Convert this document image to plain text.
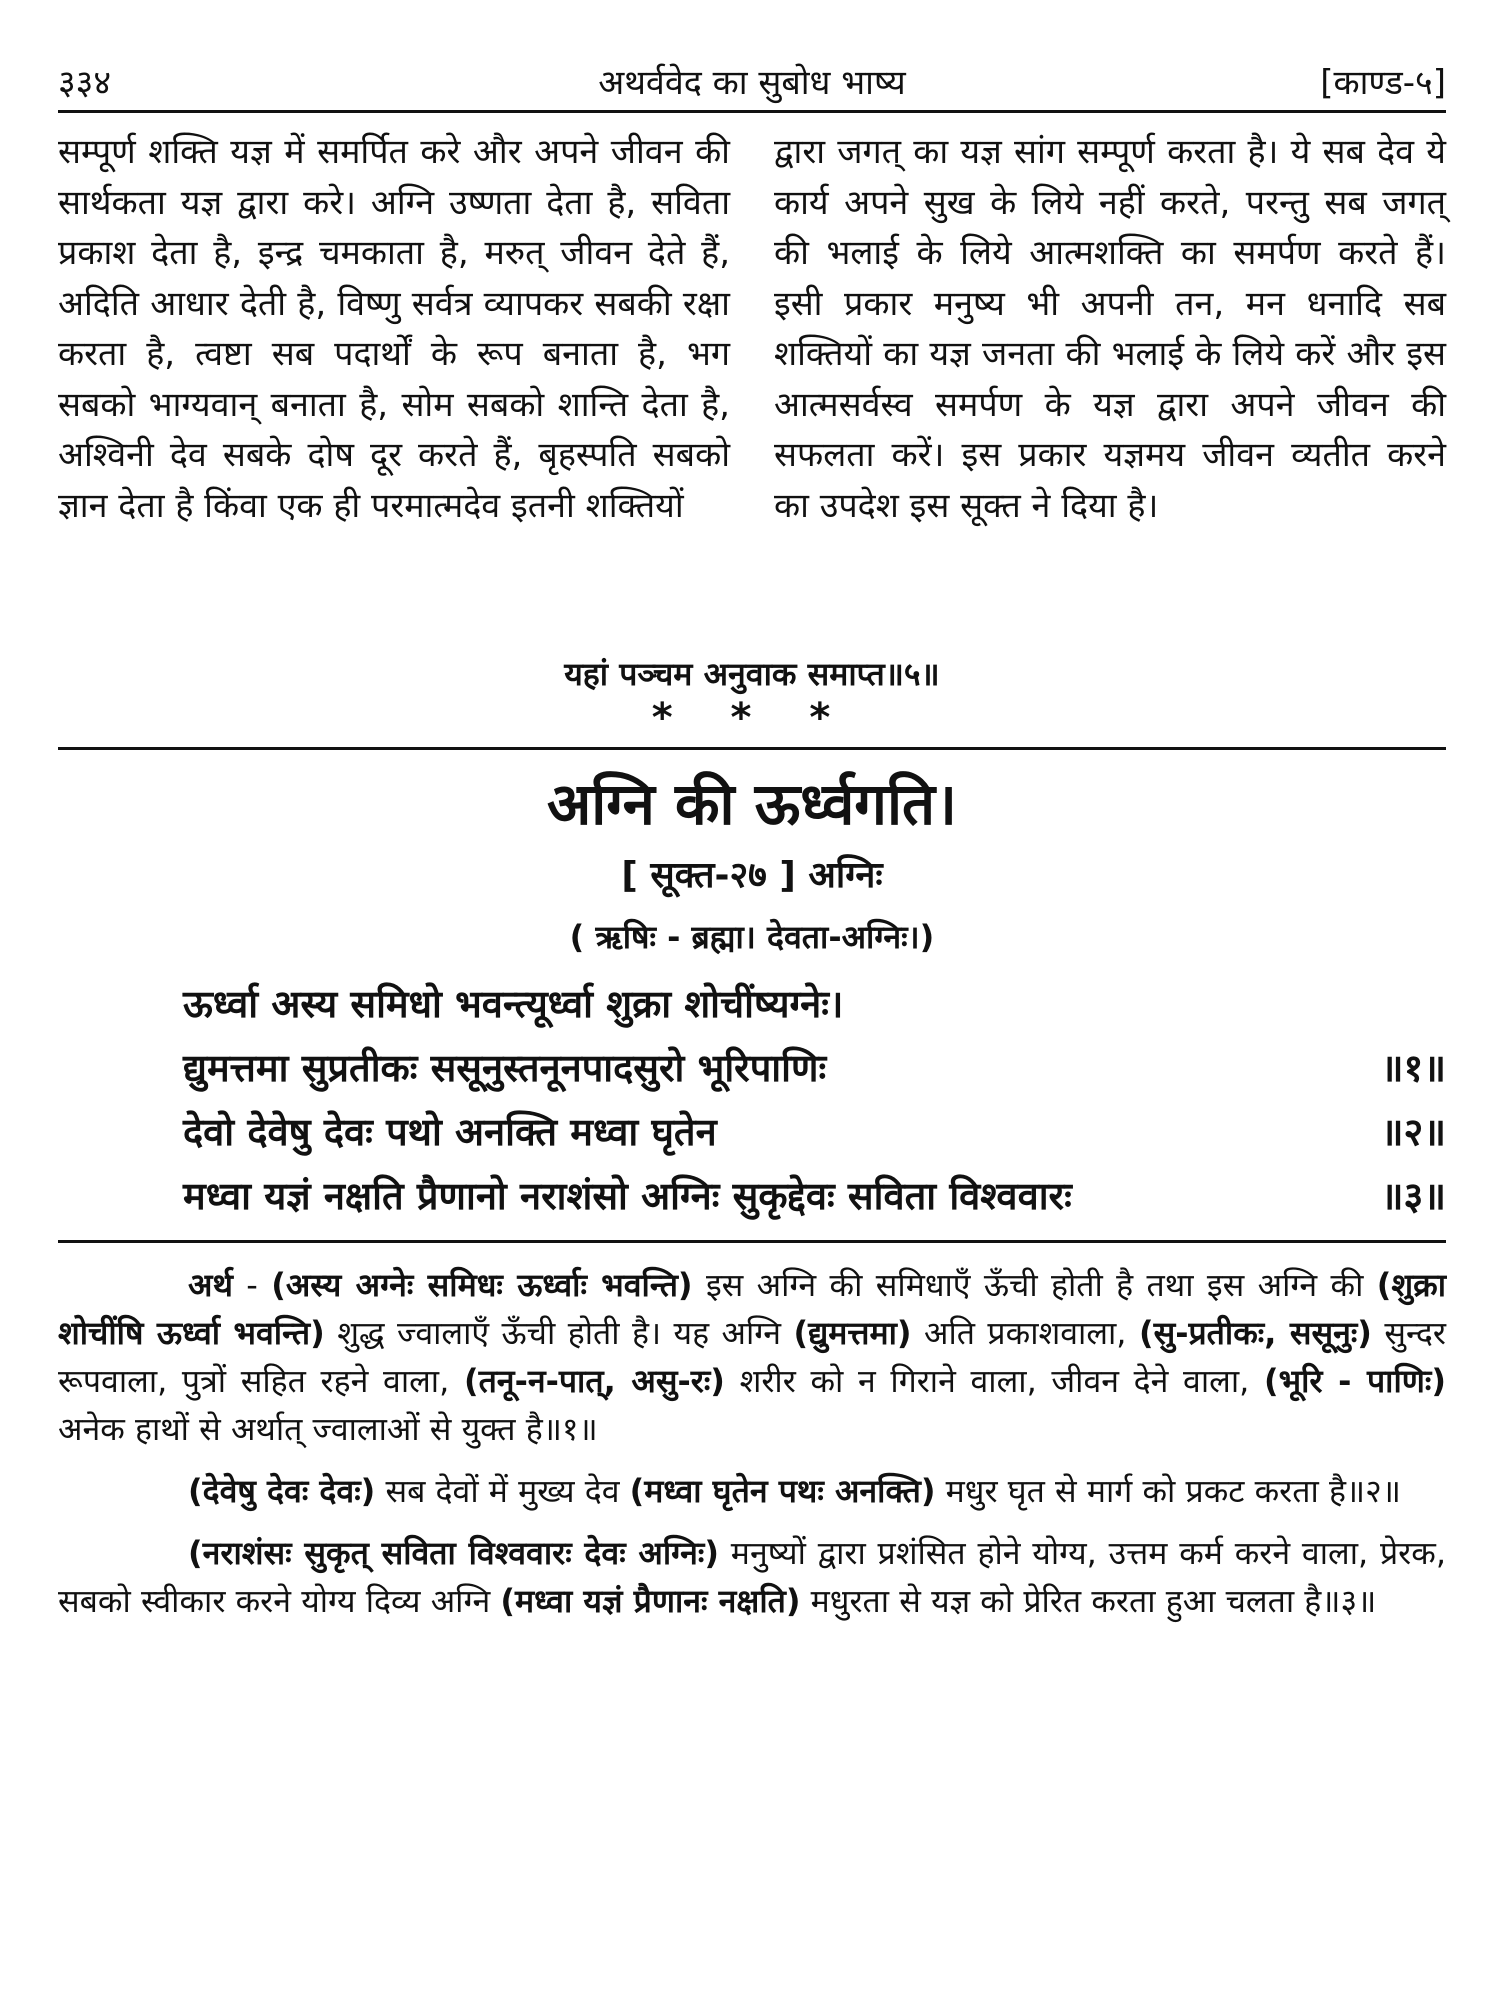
३३४	अथर्ववेद का सुबोध भाष्य	[काण्ड-५]
सम्पूर्ण शक्ति यज्ञ में समर्पित करे और अपने जीवन की सार्थकता यज्ञ द्वारा करे। अग्नि उष्णता देता है, सविता प्रकाश देता है, इन्द्र चमकाता है, मरुत् जीवन देते हैं, अदिति आधार देती है, विष्णु सर्वत्र व्यापकर सबकी रक्षा करता है, त्वष्टा सब पदार्थों के रूप बनाता है, भग सबको भाग्यवान् बनाता है, सोम सबको शान्ति देता है, अश्विनी देव सबके दोष दूर करते हैं, बृहस्पति सबको ज्ञान देता है किंवा एक ही परमात्मदेव इतनी शक्तियों
द्वारा जगत् का यज्ञ सांग सम्पूर्ण करता है। ये सब देव ये कार्य अपने सुख के लिये नहीं करते, परन्तु सब जगत् की भलाई के लिये आत्मशक्ति का समर्पण करते हैं। इसी प्रकार मनुष्य भी अपनी तन, मन धनादि सब शक्तियों का यज्ञ जनता की भलाई के लिये करें और इस आत्मसर्वस्व समर्पण के यज्ञ द्वारा अपने जीवन की सफलता करें। इस प्रकार यज्ञमय जीवन व्यतीत करने का उपदेश इस सूक्त ने दिया है।
यहां पञ्चम अनुवाक समाप्त॥५॥
* * *
अग्नि की ऊर्ध्वगति।
[ सूक्त-२७ ] अग्निः
( ऋषिः - ब्रह्मा। देवता-अग्निः।)
ऊर्ध्वा अस्य समिधो भवन्त्यूर्ध्वा शुक्रा शोचींष्यग्नेः।
द्युमत्तमा सुप्रतीकः ससूनुस्तनूनपादसुरो भूरिपाणिः	॥१॥
देवो देवेषु देवः पथो अनक्ति मध्वा घृतेन	॥२॥
मध्वा यज्ञं नक्षति प्रैणानो नराशंसो अग्निः सुकृद्देवः सविता विश्ववारः	॥३॥

अर्थ - (अस्य अग्नेः समिधः ऊर्ध्वाः भवन्ति) इस अग्नि की समिधाएँ ऊँची होती है तथा इस अग्नि की (शुक्रा शोचींषि ऊर्ध्वा भवन्ति) शुद्ध ज्वालाएँ ऊँची होती है। यह अग्नि (द्युमत्तमा) अति प्रकाशवाला, (सु-प्रतीकः, ससूनुः) सुन्दर रूपवाला, पुत्रों सहित रहने वाला, (तनू-न-पात्, असु-रः) शरीर को न गिराने वाला, जीवन देने वाला, (भूरि - पाणिः) अनेक हाथों से अर्थात् ज्वालाओं से युक्त है॥१॥

(देवेषु देवः देवः) सब देवों में मुख्य देव (मध्वा घृतेन पथः अनक्ति) मधुर घृत से मार्ग को प्रकट करता है॥२॥

(नराशंसः सुकृत् सविता विश्ववारः देवः अग्निः) मनुष्यों द्वारा प्रशंसित होने योग्य, उत्तम कर्म करने वाला, प्रेरक, सबको स्वीकार करने योग्य दिव्य अग्नि (मध्वा यज्ञं प्रैणानः नक्षति) मधुरता से यज्ञ को प्रेरित करता हुआ चलता है॥३॥
